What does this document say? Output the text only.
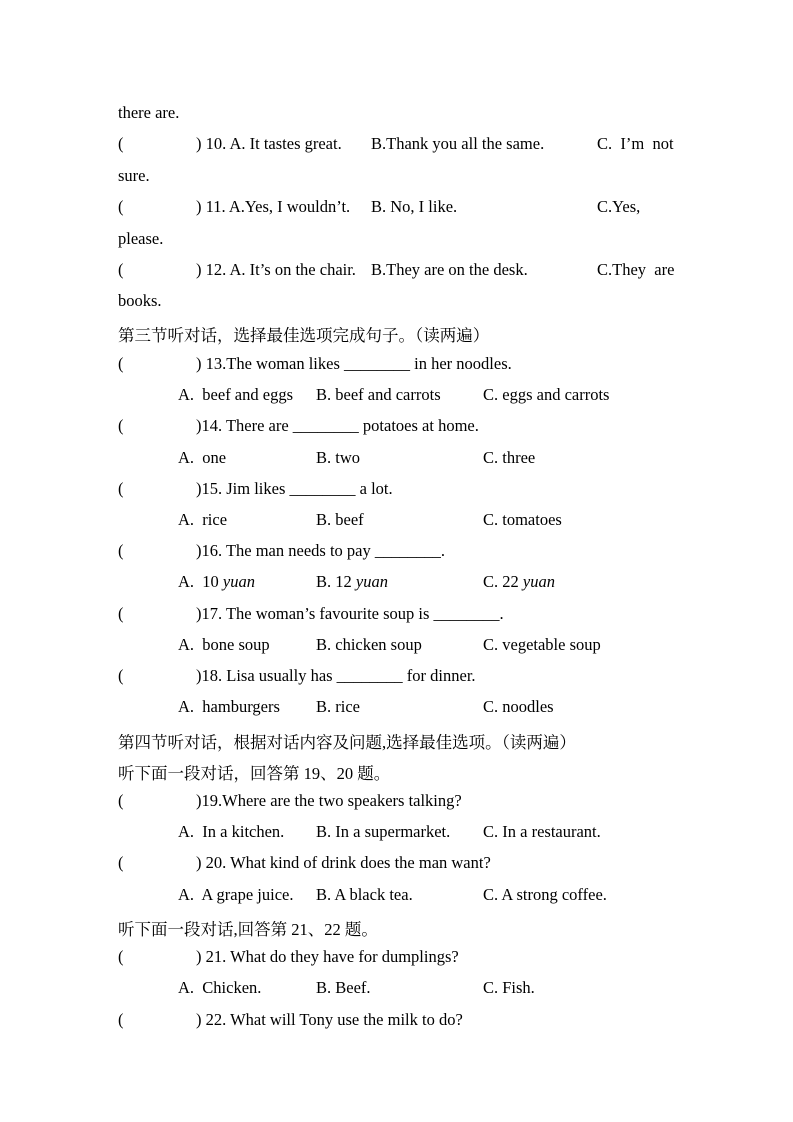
there are.

(

	) 10. A. It tastes great.

B.Thank you all the same.

	C.  I’m  not

sure.

(

	) 11. A.Yes, I wouldn’t.

B. No, I like.

	C.Yes,

please.

(

	) 12. A. It’s on the chair.

B.They are on the desk.

	C.They  are

books.

第三节听对话，选择最佳选项完成句子。（读两遍）

(

	) 13.The woman likes ________ in her noodles.

A.  beef and eggs

B. beef and carrots

	C. eggs and carrots

(

	)14. There are ________ potatoes at home.

A.  one

	B. two

	C. three

(

	)15. Jim likes ________ a lot.

A.  rice

	B. beef

	C. tomatoes

(

	)16. The man needs to pay ________.

A.  10 yuan

	B. 12 yuan

	C. 22 yuan

(

	)17. The woman’s favourite soup is ________.

A.  bone soup

	B. chicken soup

	C. vegetable soup

(

	)18. Lisa usually has ________ for dinner.

A.  hamburgers

B. rice

	C. noodles

第四节听对话，根据对话内容及问题,选择最佳选项。（读两遍）

听下面一段对话，回答第 19、20 题。

(

	)19.Where are the two speakers talking?

A.  In a kitchen.

B. In a supermarket.

C. In a restaurant.

(

	) 20. What kind of drink does the man want?

A.  A grape juice.

B. A black tea.

	C. A strong coffee.

听下面一段对话,回答第 21、22 题。

(

	) 21. What do they have for dumplings?

A.  Chicken.

	B. Beef.

	C. Fish.

(

	) 22. What will Tony use the milk to do?
